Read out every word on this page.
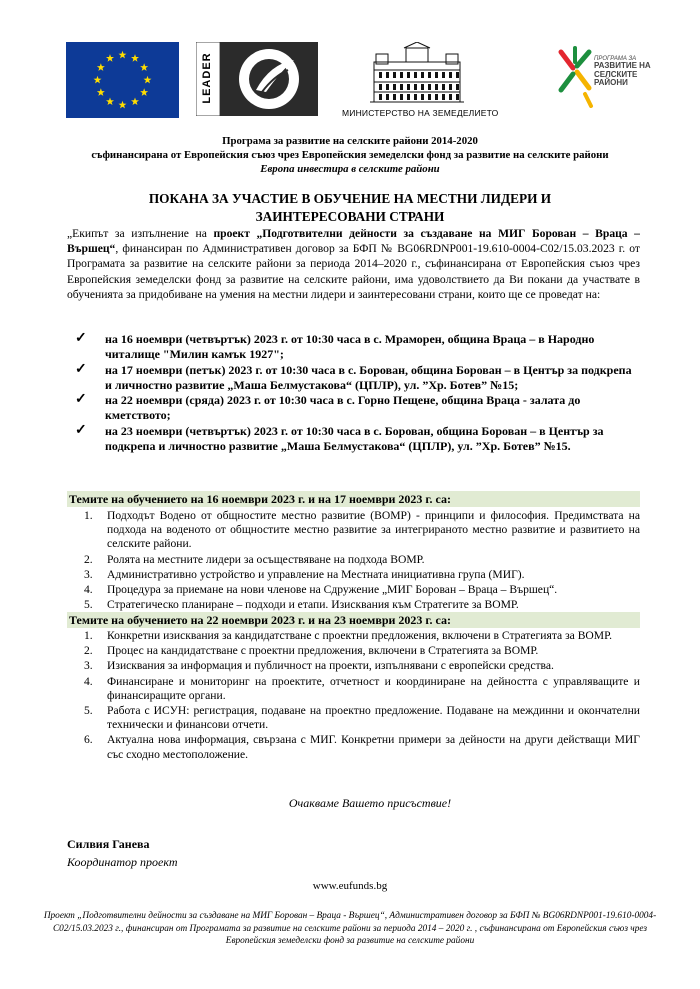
LEADER
МИНИСТЕРСТВО НА ЗЕМЕДЕЛИЕТО
ПРОГРАМА ЗА
РАЗВИТИЕ НА
СЕЛСКИТЕ РАЙОНИ
Програма за развитие на селските райони 2014-2020
съфинансирана от Европейския съюз чрез Европейския земеделски фонд за развитие на селските райони
Европа инвестира в селските райони
ПОКАНА ЗА УЧАСТИЕ В ОБУЧЕНИЕ НА МЕСТНИ ЛИДЕРИ И
ЗАИНТЕРЕСОВАНИ СТРАНИ

„Екипът за изпълнение на проект „Подготвителни дейности за създаване на МИГ Борован – Враца – Вършец“, финансиран по Административен договор за БФП № BG06RDNP001-19.610-0004-C02/15.03.2023 г. от Програмата за развитие на селските райони за периода 2014–2020 г., съфинансирана от Европейския съюз чрез Европейския земеделски фонд за развитие на селските райони, има удоволствието да Ви покани да участвате в обученията за придобиване на умения на местни лидери и заинтересовани страни, които ще се проведат на:

✓ на 16 ноември (четвъртък) 2023 г. от 10:30 часа в с. Мраморен, община Враца – в Народно читалище "Милин камък 1927";
✓ на 17 ноември (петък) 2023 г. от 10:30 часа в с. Борован, община Борован – в Център за подкрепа и личностно развитие „Маша Белмустакова“ (ЦПЛР), ул. ”Хр. Ботев” №15;
✓ на 22 ноември (сряда) 2023 г. от 10:30 часа в с. Горно Пещене, община Враца - залата до кметството;
✓ на 23 ноември (четвъртък) 2023 г. от 10:30 часа в с. Борован, община Борован – в Център за подкрепа и личностно развитие „Маша Белмустакова“ (ЦПЛР), ул. ”Хр. Ботев” №15.
Темите на обучението на 16 ноември 2023 г. и на 17 ноември 2023 г. са:
1. Подходът Водено от общностите местно развитие (ВОМР) - принципи и философия. Предимствата на подхода на воденото от общностите местно развитие за интегрираното местно развитие и развитието на селските райони.
2. Ролята на местните лидери за осъществяване на подхода ВОМР.
3. Административно устройство и управление на Местната инициативна група (МИГ).
4. Процедура за приемане на нови членове на Сдружение „МИГ Борован – Враца – Вършец“.
5. Стратегическо планиране – подходи и етапи. Изисквания към Стратегите за ВОМР.
Темите на обучението на 22 ноември 2023 г. и на 23 ноември 2023 г. са:
1. Конкретни изисквания за кандидатстване с проектни предложения, включени в Стратегията за ВОМР.
2. Процес на кандидатстване с проектни предложения, включени в Стратегията за ВОМР.
3. Изисквания за информация и публичност на проекти, изпълнявани с европейски средства.
4. Финансиране и мониторинг на проектите, отчетност и координиране на дейността с управляващите и финансиращите органи.
5. Работа с ИСУН: регистрация, подаване на проектно предложение. Подаване на междинни и окончателни технически и финансови отчети.
6. Актуална нова информация, свързана с МИГ. Конкретни примери за дейности на други действащи МИГ със сходно местоположение.
Очакваме Вашето присъствие!
Силвия Ганева
Координатор проект
www.eufunds.bg
Проект „Подготвителни дейности за създаване на МИГ Борован – Враца - Вършец“, Административен договор за БФП № BG06RDNP001-19.610-0004-C02/15.03.2023 г., финансиран от Програмата за развитие на селските райони за периода 2014 – 2020 г. , съфинансирана от Европейския съюз чрез Европейския земеделски фонд за развитие на селските райони
